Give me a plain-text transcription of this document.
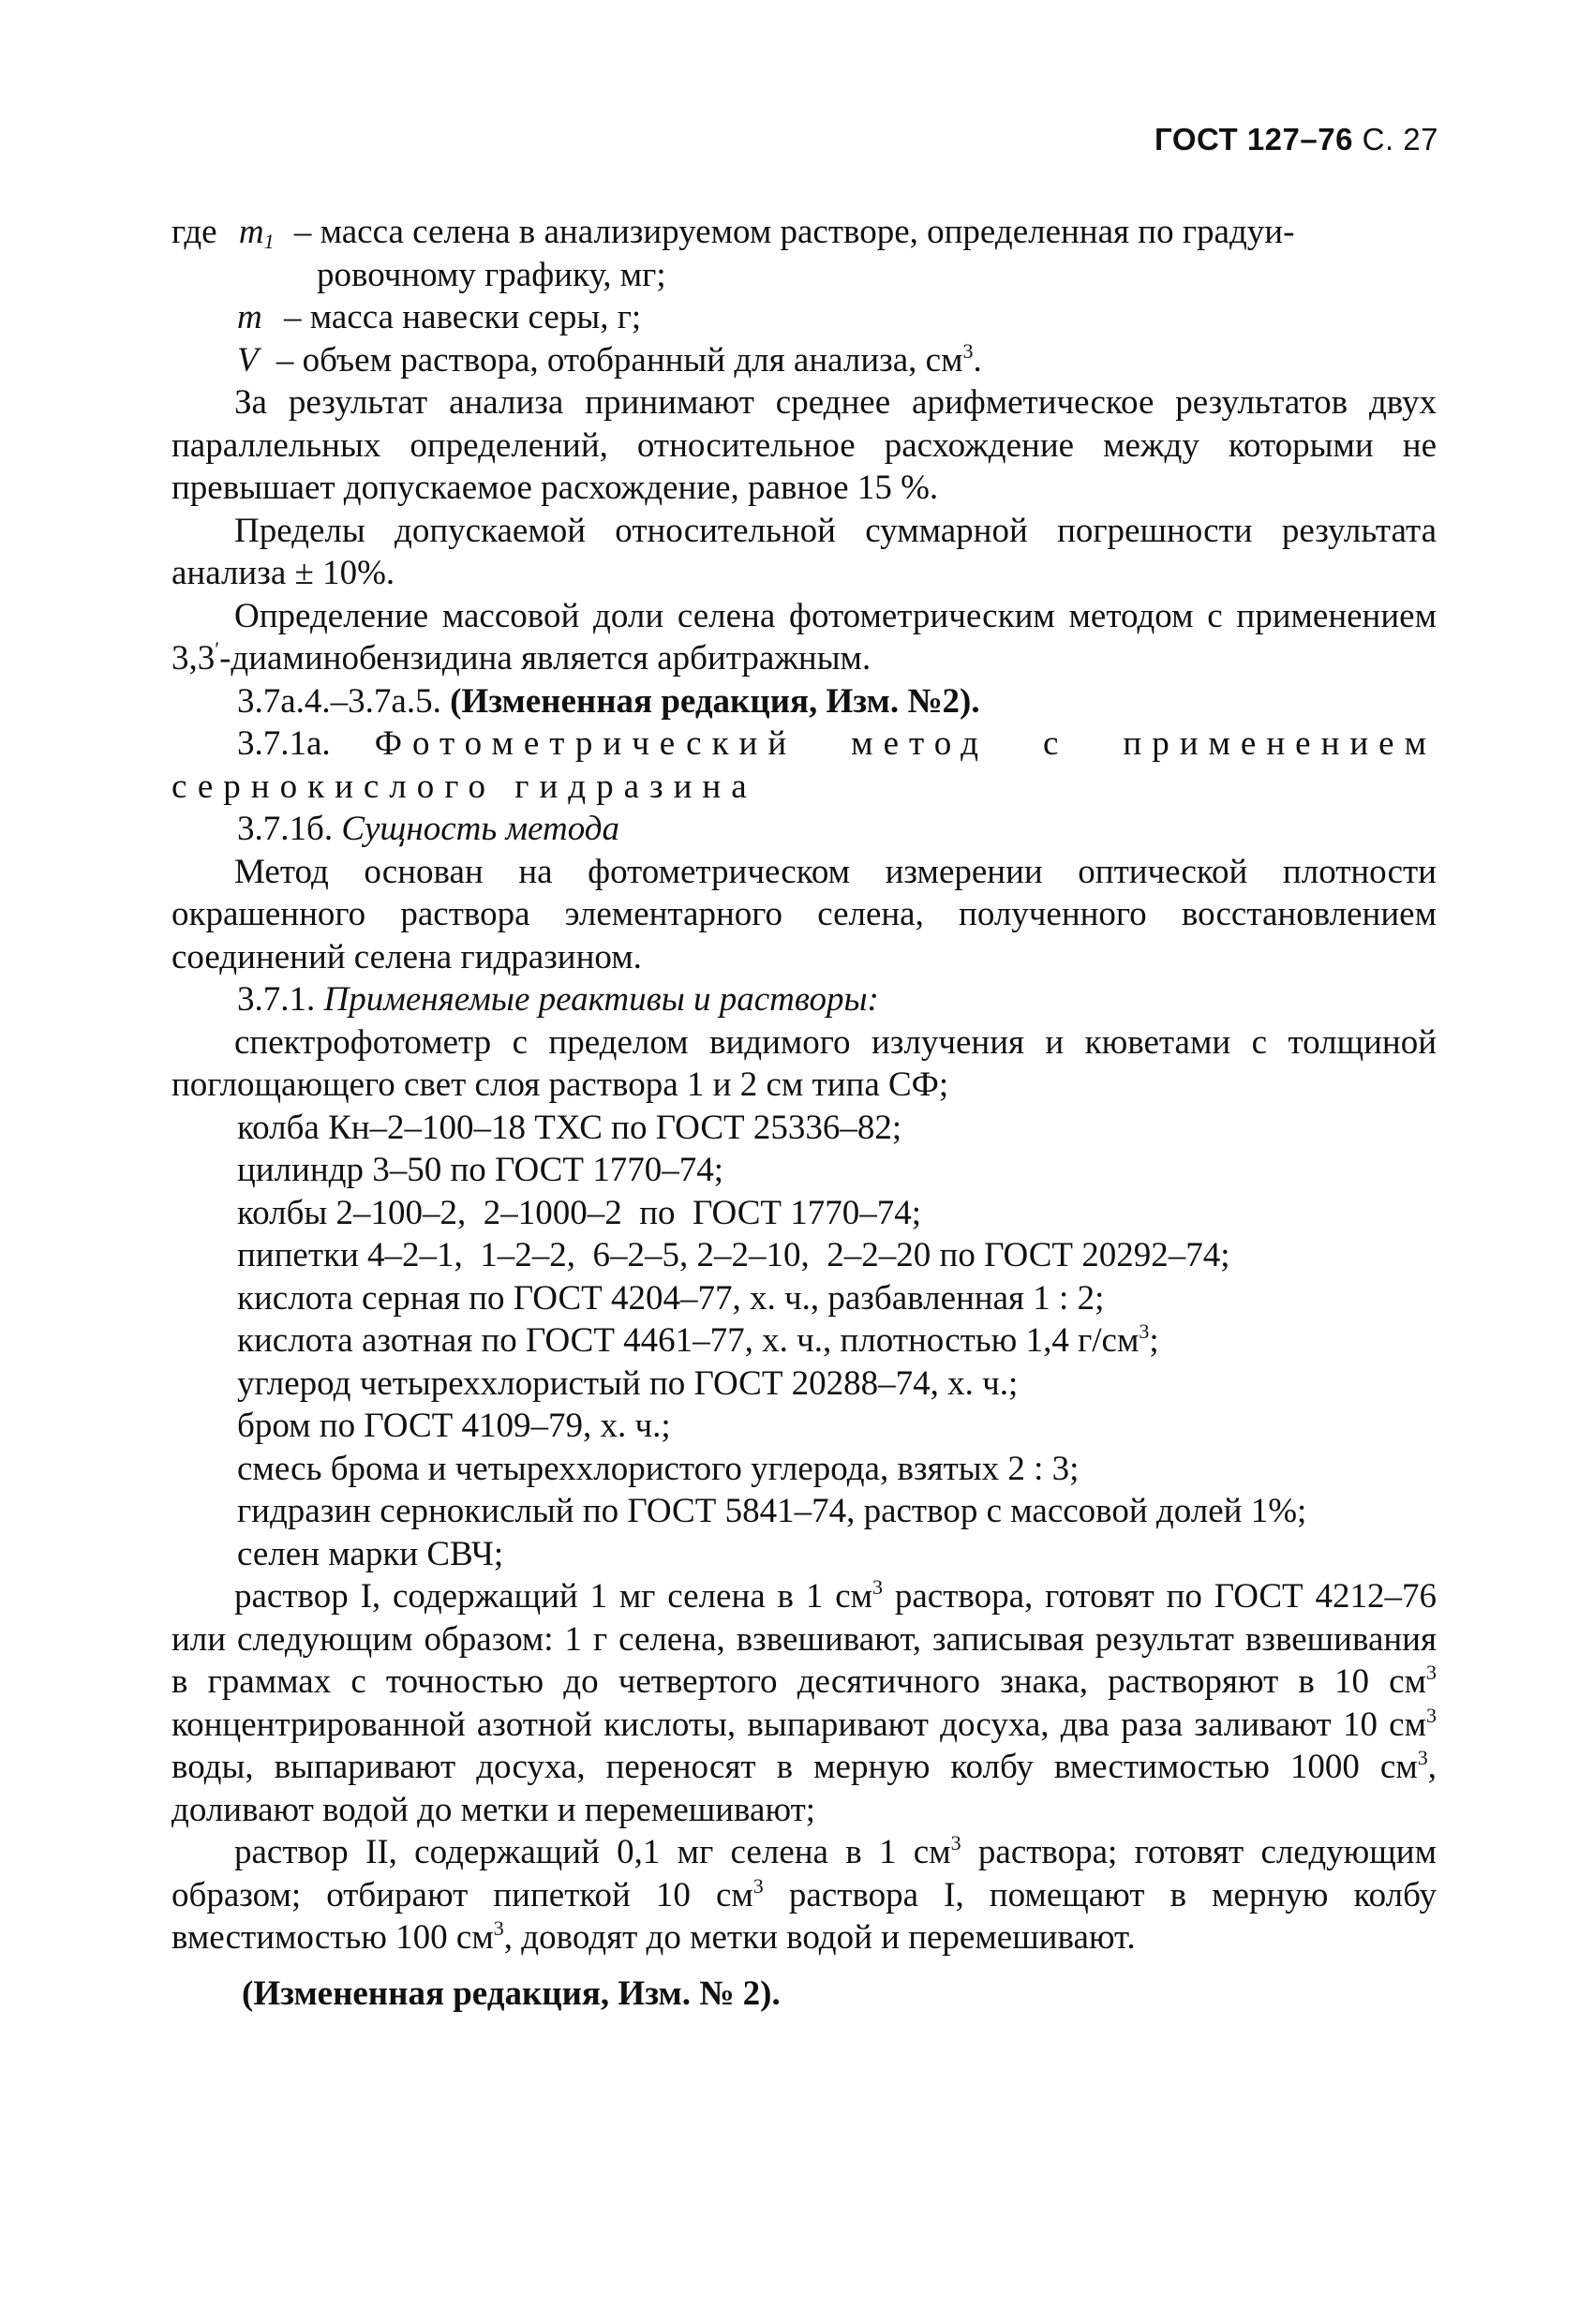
ГОСТ 127–76 С. 27
где $m_1$ – масса селена в анализируемом растворе, определенная по градуи-
ровочному графику, мг;
m – масса навески серы, г;
V – объем раствора, отобранный для анализа, $см^3$.

За результат анализа принимают среднее арифметическое результатов двух параллельных определений, относительное расхождение между которыми не превышает допускаемое расхождение, равное 15 %.

Пределы допускаемой относительной суммарной погрешности результата анализа ± 10%.

Определение массовой доли селена фотометрическим методом с применением 3,3′-диаминобензидина является арбитражным.

3.7а.4.–3.7а.5. (Измененная редакция, Изм. №2).
3.7.1а. Фотометрический метод с применением
сернокислого гидразина
3.7.1б. Сущность метода

Метод основан на фотометрическом измерении оптической плотности окрашенного раствора элементарного селена, полученного восстановлением соединений селена гидразином.

3.7.1. Применяемые реактивы и растворы:

спектрофотометр с пределом видимого излучения и кюветами с толщиной поглощающего свет слоя раствора 1 и 2 см типа СФ;

колба Кн–2–100–18 ТХС по ГОСТ 25336–82;
цилиндр 3–50 по ГОСТ 1770–74;
колбы 2–100–2,  2–1000–2  по  ГОСТ 1770–74;
пипетки 4–2–1,  1–2–2,  6–2–5, 2–2–10,  2–2–20 по ГОСТ 20292–74;
кислота серная по ГОСТ 4204–77, х. ч., разбавленная 1 : 2;
кислота азотная по ГОСТ 4461–77, х. ч., плотностью 1,4 $г/см^3$;
углерод четыреххлористый по ГОСТ 20288–74, х. ч.;
бром по ГОСТ 4109–79, х. ч.;
смесь брома и четыреххлористого углерода, взятых 2 : 3;
гидразин сернокислый по ГОСТ 5841–74, раствор с массовой долей 1%;
селен марки СВЧ;

раствор I, содержащий 1 мг селена в 1 $см^3$ раствора, готовят по ГОСТ 4212–76 или следующим образом: 1 г селена, взвешивают, записывая результат взвешивания в граммах с точностью до четвертого десятичного знака, растворяют в 10 $см^3$ концентрированной азотной кислоты, выпаривают досуха, два раза заливают 10 $см^3$ воды, выпаривают досуха, переносят в мерную колбу вместимостью 1000 $см^3$, доливают водой до метки и перемешивают;

раствор II, содержащий 0,1 мг селена в 1 $см^3$ раствора; готовят следующим образом; отбирают пипеткой 10 $см^3$ раствора I, помещают в мерную колбу вместимостью 100 $см^3$, доводят до метки водой и перемешивают.

(Измененная редакция, Изм. № 2).
